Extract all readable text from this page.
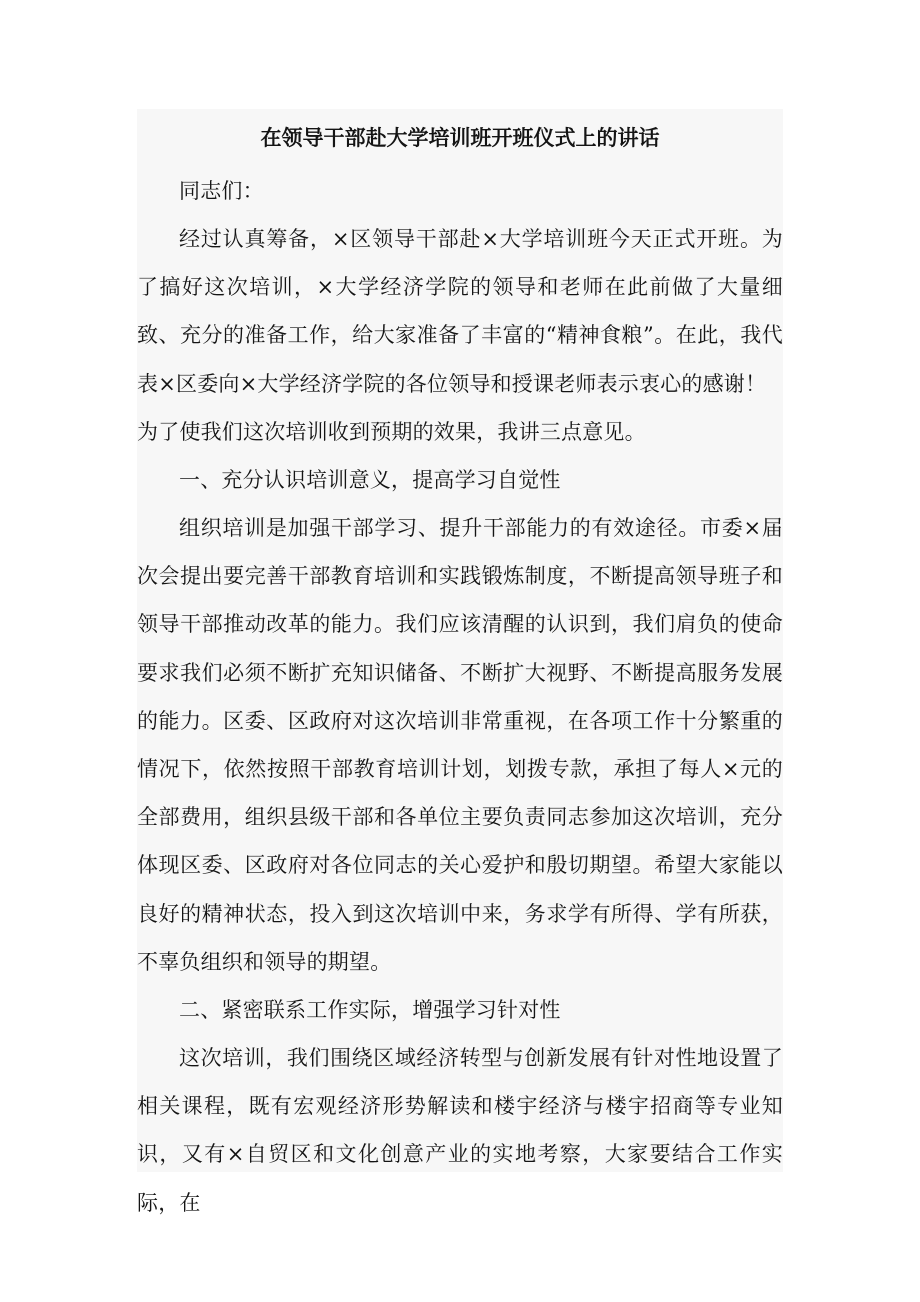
在领导干部赴大学培训班开班仪式上的讲话

同志们：

经过认真筹备，×区领导干部赴×大学培训班今天正式开班。为了搞好这次培训，×大学经济学院的领导和老师在此前做了大量细致、充分的准备工作，给大家准备了丰富的“精神食粮”。在此，我代表×区委向×大学经济学院的各位领导和授课老师表示衷心的感谢！

为了使我们这次培训收到预期的效果，我讲三点意见。

一、充分认识培训意义，提高学习自觉性

组织培训是加强干部学习、提升干部能力的有效途径。市委×届次会提出要完善干部教育培训和实践锻炼制度，不断提高领导班子和领导干部推动改革的能力。我们应该清醒的认识到，我们肩负的使命要求我们必须不断扩充知识储备、不断扩大视野、不断提高服务发展的能力。区委、区政府对这次培训非常重视，在各项工作十分繁重的情况下，依然按照干部教育培训计划，划拨专款，承担了每人×元的全部费用，组织县级干部和各单位主要负责同志参加这次培训，充分体现区委、区政府对各位同志的关心爱护和殷切期望。希望大家能以良好的精神状态，投入到这次培训中来，务求学有所得、学有所获，不辜负组织和领导的期望。

二、紧密联系工作实际，增强学习针对性

这次培训，我们围绕区域经济转型与创新发展有针对性地设置了相关课程，既有宏观经济形势解读和楼宇经济与楼宇招商等专业知识，又有×自贸区和文化创意产业的实地考察，大家要结合工作实际，在
